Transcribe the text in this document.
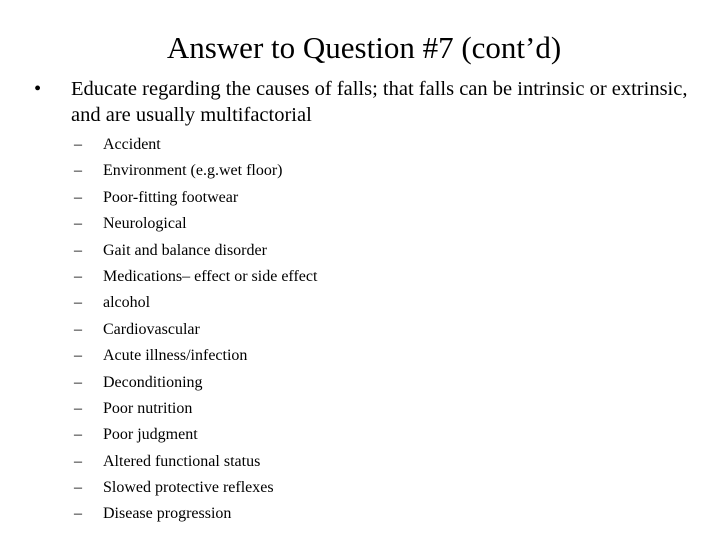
Answer to Question #7 (cont’d)
•	Educate regarding the causes of falls; that falls can be intrinsic or extrinsic, and are usually multifactorial
– Accident
– Environment (e.g.wet floor)
– Poor-fitting footwear
– Neurological
– Gait and balance disorder
– Medications– effect or side effect
– alcohol
– Cardiovascular
– Acute illness/infection
– Deconditioning
– Poor nutrition
– Poor judgment
– Altered functional status
– Slowed protective reflexes
– Disease progression
